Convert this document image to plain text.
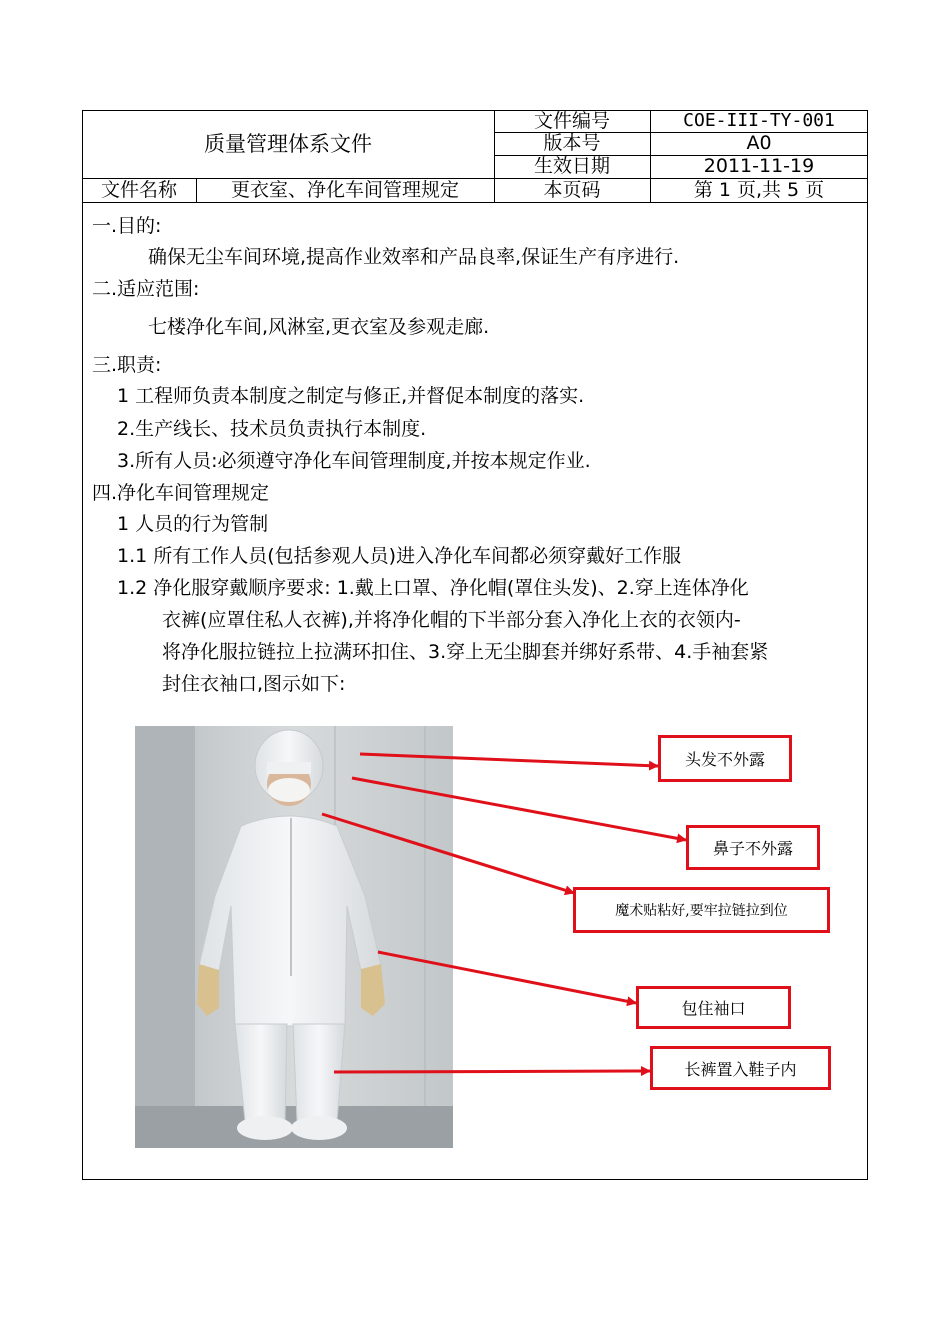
质量管理体系文件
文件编号	COE-III-TY-001
版本号	A0
生效日期	2011-11-19
文件名称	更衣室、净化车间管理规定	本页码	第 1 页,共 5 页
一.目的:
确保无尘车间环境,提高作业效率和产品良率,保证生产有序进行.
二.适应范围:
七楼净化车间,风淋室,更衣室及参观走廊.
三.职责:
1 工程师负责本制度之制定与修正,并督促本制度的落实.
2.生产线长、技术员负责执行本制度.
3.所有人员:必须遵守净化车间管理制度,并按本规定作业.
四.净化车间管理规定
1 人员的行为管制
1.1 所有工作人员(包括参观人员)进入净化车间都必须穿戴好工作服
1.2 净化服穿戴顺序要求: 1.戴上口罩、净化帽(罩住头发)、2.穿上连体净化
衣裤(应罩住私人衣裤),并将净化帽的下半部分套入净化上衣的衣领内-
将净化服拉链拉上拉满环扣住、3.穿上无尘脚套并绑好系带、4.手袖套紧
封住衣袖口,图示如下:
头发不外露
鼻子不外露
魔术贴粘好,要牢拉链拉到位
包住袖口
长裤置入鞋子内
